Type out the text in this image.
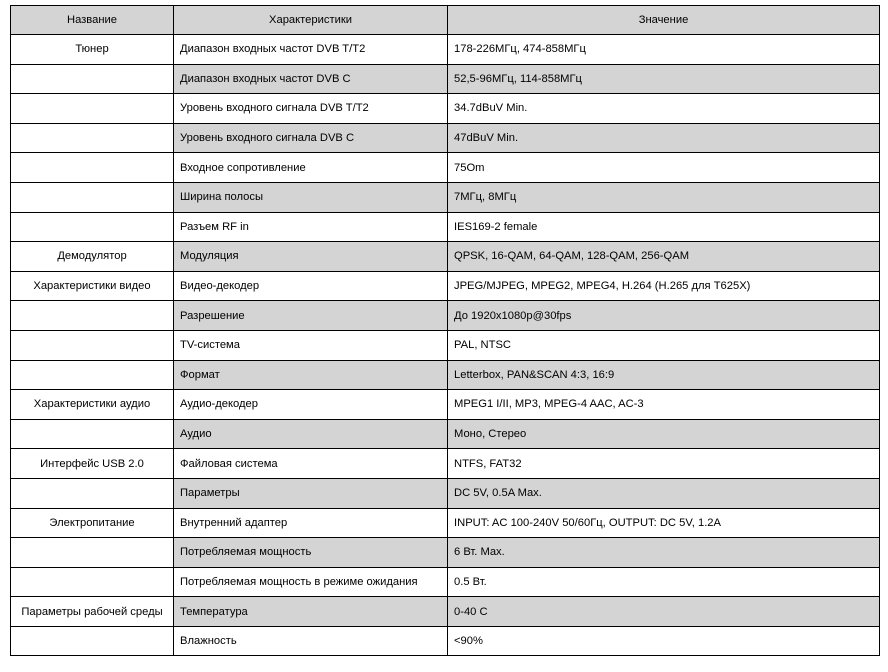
Название	Характеристики	Значение
Тюнер	Диапазон входных частот DVB T/T2	178-226МГц, 474-858МГц
	Диапазон входных частот DVB C	52,5-96МГц, 114-858МГц
	Уровень входного сигнала DVB T/T2	34.7dBuV Min.
	Уровень входного сигнала DVB C	47dBuV Min.
	Входное сопротивление	75Om
	Ширина полосы	7МГц, 8МГц
	Разъем RF in	IES169-2 female
Демодулятор	Модуляция	QPSK, 16-QAM, 64-QAM, 128-QAM, 256-QAM
Характеристики видео	Видео-декодер	JPEG/MJPEG, MPEG2, MPEG4, H.264 (H.265 для T625X)
	Разрешение	До 1920x1080p@30fps
	TV-система	PAL, NTSC
	Формат	Letterbox, PAN&SCAN 4:3, 16:9
Характеристики аудио	Аудио-декодер	MPEG1 I/II, MP3, MPEG-4 AAC, AC-3
	Аудио	Моно, Стерео
Интерфейс USB 2.0	Файловая система	NTFS, FAT32
	Параметры	DC 5V, 0.5A Max.
Электропитание	Внутренний адаптер	INPUT: AC 100-240V 50/60Гц, OUTPUT: DC 5V, 1.2A
	Потребляемая мощность	6 Вт. Max.
	Потребляемая мощность в режиме ожидания	0.5 Вт.
Параметры рабочей среды	Температура	0-40 C
	Влажность	<90%
